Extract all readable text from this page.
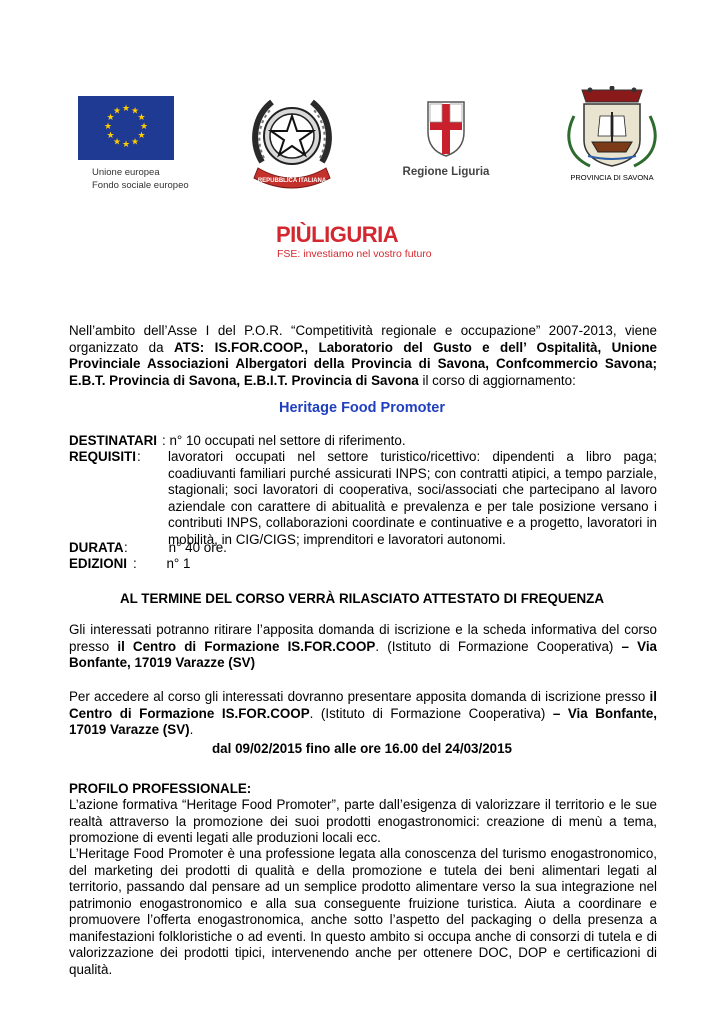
★ ★
★
★
★
★
★
★
★
★
★
★
Unione europea
Fondo sociale europeo	REPUBBLICA ITALIANA
Regione Liguria	PROVINCIA DI SAVONA
PIÙLIGURIA
FSE: investiamo nel vostro futuro
Nell’ambito dell’Asse I del P.O.R. “Competitività regionale e occupazione” 2007-2013, viene organizzato da ATS: IS.FOR.COOP., Laboratorio del Gusto e dell’ Ospitalità, Unione Provinciale Associazioni Albergatori della Provincia di Savona, Confcommercio Savona; E.B.T. Provincia di Savona, E.B.I.T. Provincia di Savona il corso di aggiornamento:
Heritage Food Promoter
DESTINATARI : n° 10 occupati nel settore di riferimento.
REQUISITI : lavoratori occupati nel settore turistico/ricettivo: dipendenti a libro paga; coadiuvanti familiari purché assicurati INPS; con contratti atipici, a tempo parziale, stagionali; soci lavoratori di cooperativa, soci/associati che partecipano al lavoro aziendale con carattere di abitualità e prevalenza e per tale posizione versano i contributi INPS, collaborazioni coordinate e continuative e a progetto, lavoratori in mobilità, in CIG/CIGS; imprenditori e lavoratori autonomi.
DURATA :           n° 40 ore.
EDIZIONI :        n° 1
AL TERMINE DEL CORSO VERRÀ RILASCIATO ATTESTATO DI FREQUENZA
Gli interessati potranno ritirare l’apposita domanda di iscrizione e la scheda informativa del corso presso il Centro di Formazione IS.FOR.COOP. (Istituto di Formazione Cooperativa) – Via Bonfante, 17019 Varazze (SV)
Per accedere al corso gli interessati dovranno presentare apposita domanda di iscrizione presso il Centro di Formazione IS.FOR.COOP. (Istituto di Formazione Cooperativa) – Via Bonfante, 17019 Varazze (SV).
dal 09/02/2015 fino alle ore 16.00 del 24/03/2015
PROFILO PROFESSIONALE:
L’azione formativa “Heritage Food Promoter”, parte dall’esigenza di valorizzare il territorio e le sue realtà attraverso la promozione dei suoi prodotti enogastronomici: creazione di menù a tema, promozione di eventi legati alle produzioni locali ecc.
L’Heritage Food Promoter è una professione legata alla conoscenza del turismo enogastronomico, del marketing dei prodotti di qualità e della promozione e tutela dei beni alimentari legati al territorio, passando dal pensare ad un semplice prodotto alimentare verso la sua integrazione nel patrimonio enogastronomico e alla sua conseguente fruizione turistica. Aiuta a coordinare e promuovere l’offerta enogastronomica, anche sotto l’aspetto del packaging o della presenza a manifestazioni folkloristiche o ad eventi. In questo ambito si occupa anche di consorzi di tutela e di valorizzazione dei prodotti tipici, intervenendo anche per ottenere DOC, DOP e certificazioni di qualità.
